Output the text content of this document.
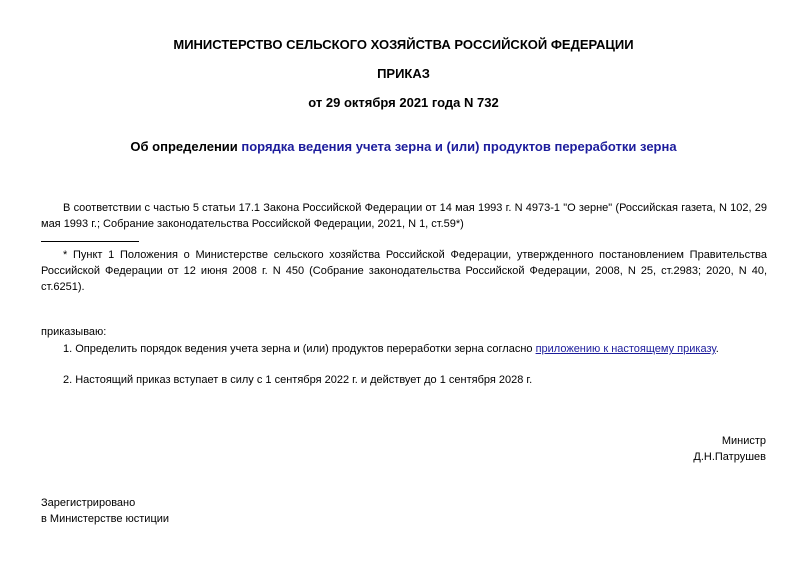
МИНИСТЕРСТВО СЕЛЬСКОГО ХОЗЯЙСТВА РОССИЙСКОЙ ФЕДЕРАЦИИ
ПРИКАЗ
от 29 октября 2021 года N 732
Об определении порядка ведения учета зерна и (или) продуктов переработки зерна
В соответствии с частью 5 статьи 17.1 Закона Российской Федерации от 14 мая 1993 г. N 4973-1 "О зерне" (Российская газета, N 102, 29 мая 1993 г.; Собрание законодательства Российской Федерации, 2021, N 1, ст.59*)
* Пункт 1 Положения о Министерстве сельского хозяйства Российской Федерации, утвержденного постановлением Правительства Российской Федерации от 12 июня 2008 г. N 450 (Собрание законодательства Российской Федерации, 2008, N 25, ст.2983; 2020, N 40, ст.6251).
приказываю:
1. Определить порядок ведения учета зерна и (или) продуктов переработки зерна согласно приложению к настоящему приказу.
2. Настоящий приказ вступает в силу с 1 сентября 2022 г. и действует до 1 сентября 2028 г.
Министр
Д.Н.Патрушев
Зарегистрировано
в Министерстве юстиции
